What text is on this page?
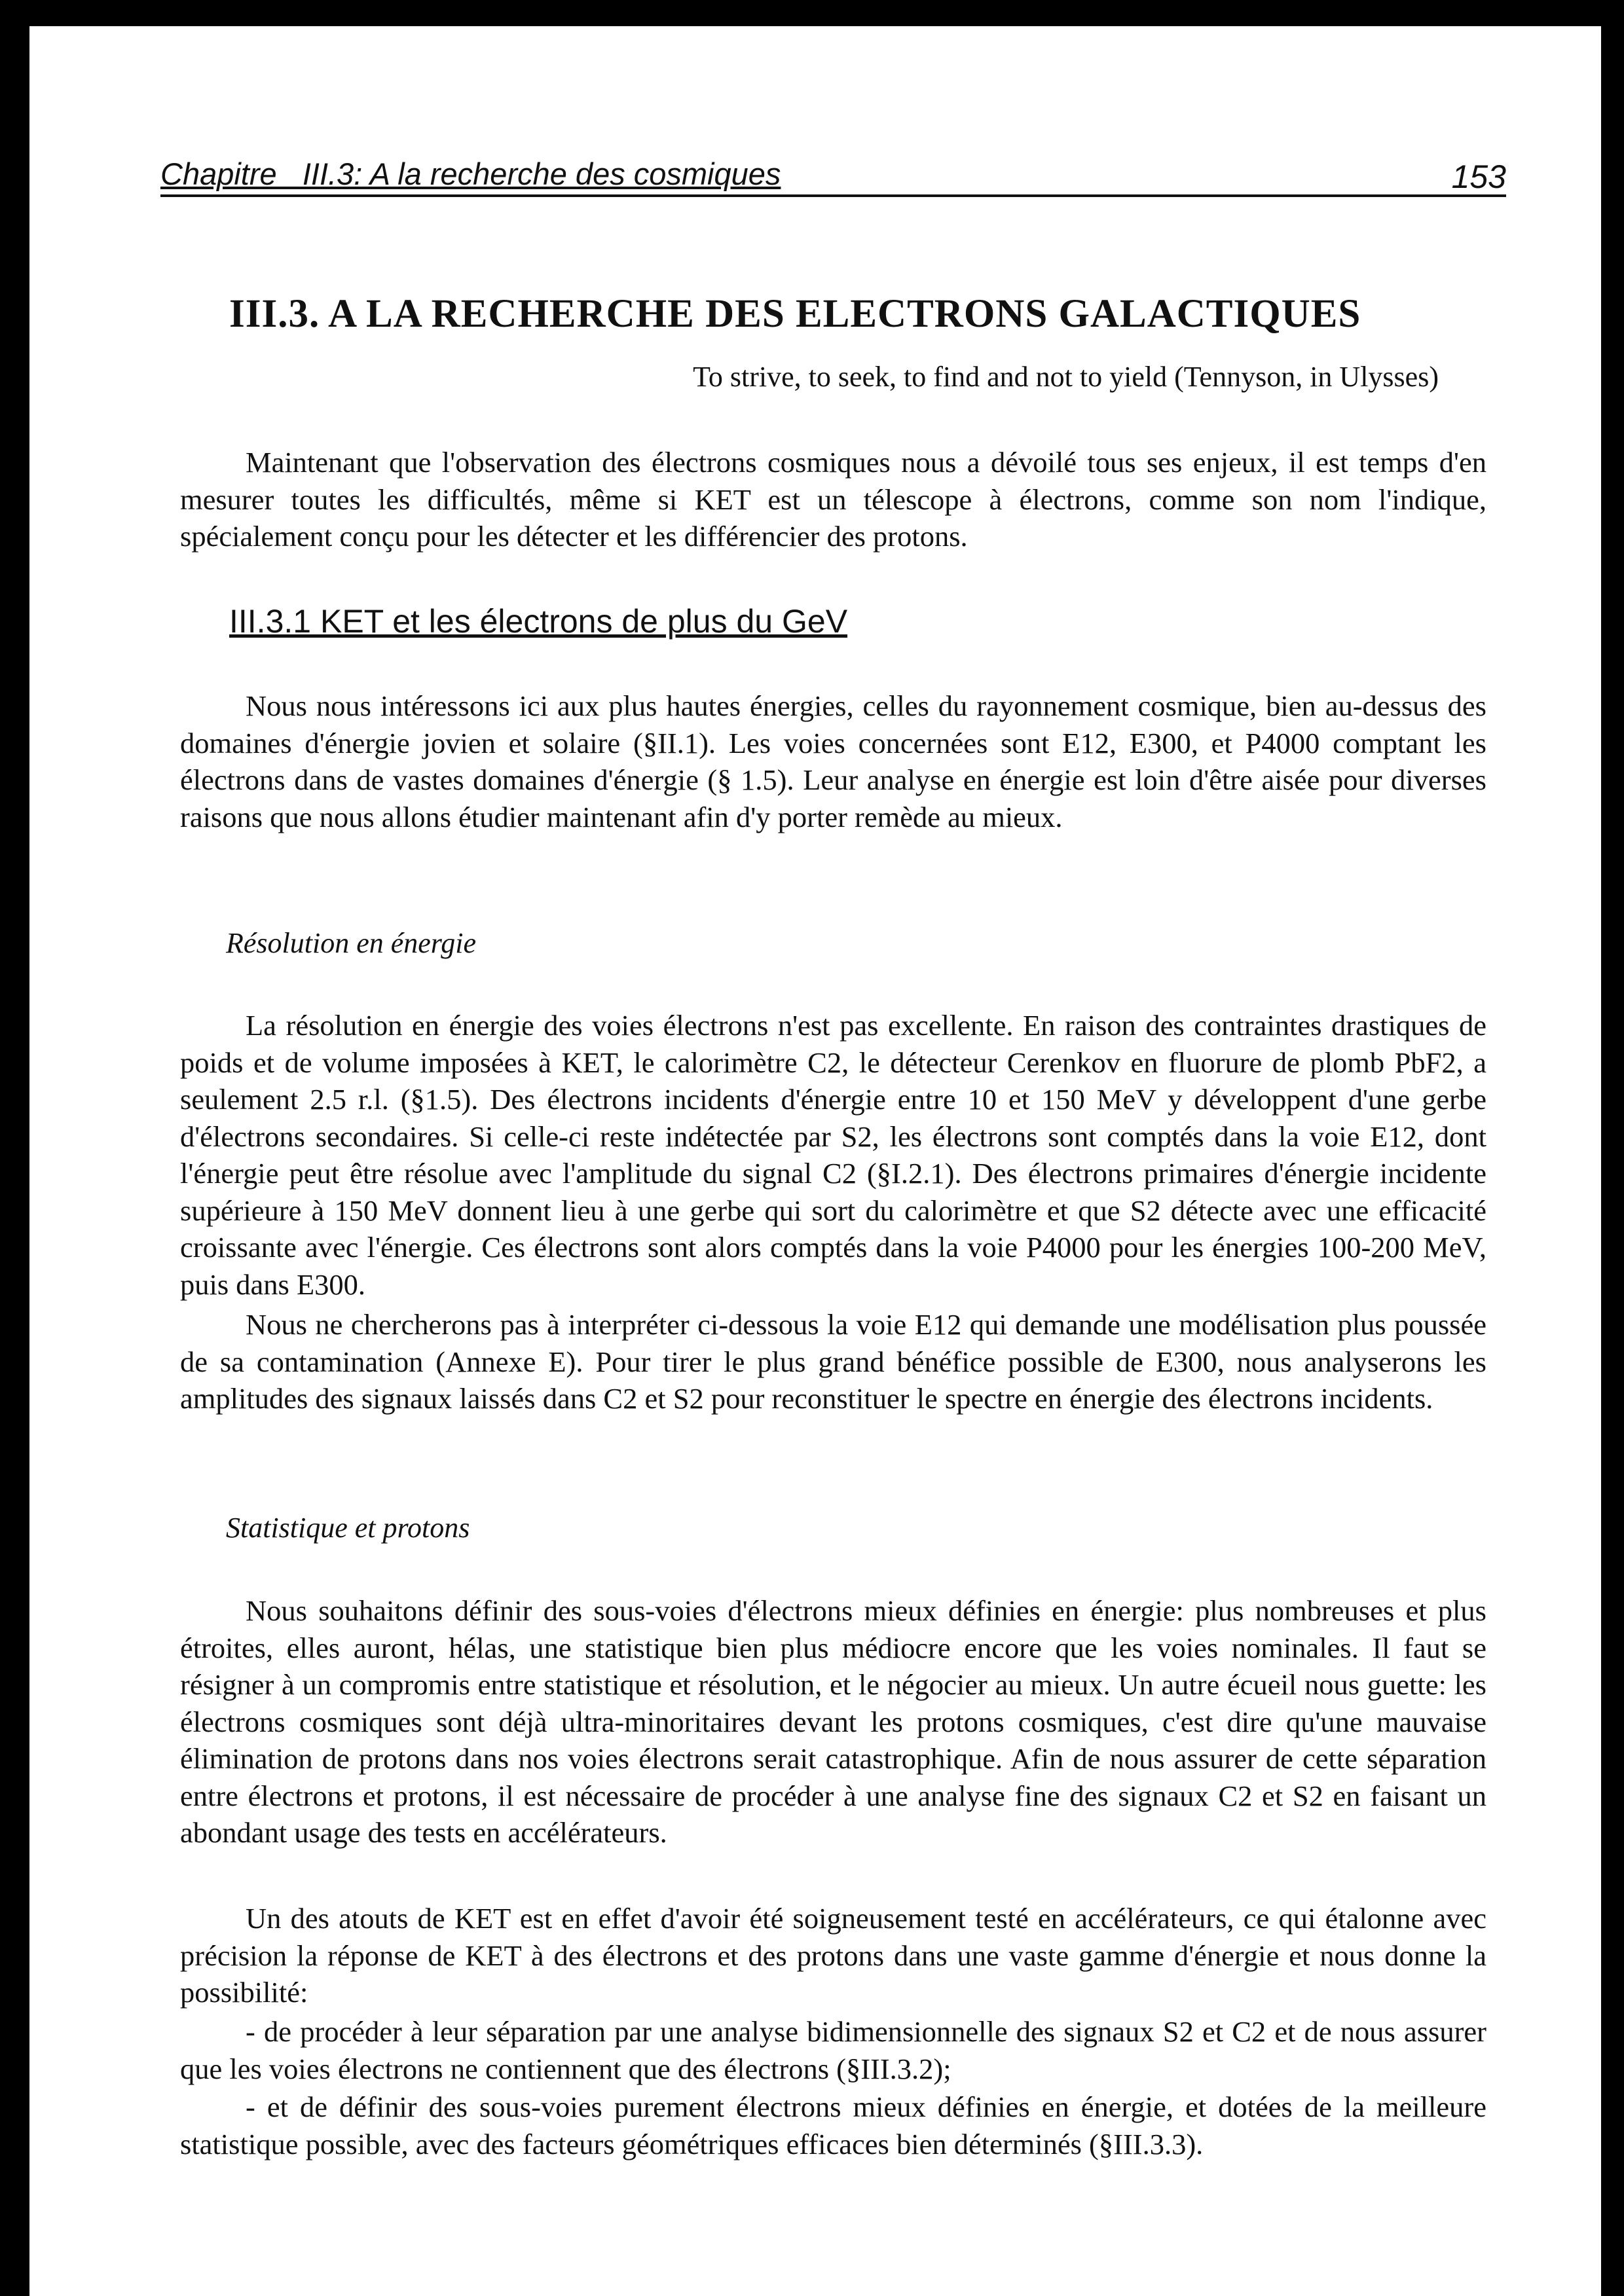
Chapitre   III.3: A la recherche des cosmiques	153
III.3. A LA RECHERCHE DES ELECTRONS GALACTIQUES
To strive, to seek, to find and not to yield (Tennyson, in Ulysses)

Maintenant que l'observation des électrons cosmiques nous a dévoilé tous ses enjeux, il est temps d'en mesurer toutes les difficultés, même si KET est un télescope à électrons, comme son nom l'indique, spécialement conçu pour les détecter et les différencier des protons.

III.3.1 KET et les électrons de plus du GeV

Nous nous intéressons ici aux plus hautes énergies, celles du rayonnement cosmique, bien au-dessus des domaines d'énergie jovien et solaire (§II.1). Les voies concernées sont E12, E300, et P4000 comptant les électrons dans de vastes domaines d'énergie (§ 1.5). Leur analyse en énergie est loin d'être aisée pour diverses raisons que nous allons étudier maintenant afin d'y porter remède au mieux.

Résolution en énergie

La résolution en énergie des voies électrons n'est pas excellente. En raison des contraintes drastiques de poids et de volume imposées à KET, le calorimètre C2, le détecteur Cerenkov en fluorure de plomb PbF2, a seulement 2.5 r.l. (§1.5). Des électrons incidents d'énergie entre 10 et 150 MeV y développent d'une gerbe d'électrons secondaires. Si celle-ci reste indétectée par S2, les électrons sont comptés dans la voie E12, dont l'énergie peut être résolue avec l'amplitude du signal C2 (§I.2.1). Des électrons primaires d'énergie incidente supérieure à 150 MeV donnent lieu à une gerbe qui sort du calorimètre et que S2 détecte avec une efficacité croissante avec l'énergie. Ces électrons sont alors comptés dans la voie P4000 pour les énergies 100-200 MeV, puis dans E300.

Nous ne chercherons pas à interpréter ci-dessous la voie E12 qui demande une modélisation plus poussée de sa contamination (Annexe E). Pour tirer le plus grand bénéfice possible de E300, nous analyserons les amplitudes des signaux laissés dans C2 et S2 pour reconstituer le spectre en énergie des électrons incidents.

Statistique et protons

Nous souhaitons définir des sous-voies d'électrons mieux définies en énergie: plus nombreuses et plus étroites, elles auront, hélas, une statistique bien plus médiocre encore que les voies nominales. Il faut se résigner à un compromis entre statistique et résolution, et le négocier au mieux. Un autre écueil nous guette: les électrons cosmiques sont déjà ultra-minoritaires devant les protons cosmiques, c'est dire qu'une mauvaise élimination de protons dans nos voies électrons serait catastrophique. Afin de nous assurer de cette séparation entre électrons et protons, il est nécessaire de procéder à une analyse fine des signaux C2 et S2 en faisant un abondant usage des tests en accélérateurs.

Un des atouts de KET est en effet d'avoir été soigneusement testé en accélérateurs, ce qui étalonne avec précision la réponse de KET à des électrons et des protons dans une vaste gamme d'énergie et nous donne la possibilité:

- de procéder à leur séparation par une analyse bidimensionnelle des signaux S2 et C2 et de nous assurer que les voies électrons ne contiennent que des électrons (§III.3.2);

- et de définir des sous-voies purement électrons mieux définies en énergie, et dotées de la meilleure statistique possible, avec des facteurs géométriques efficaces bien déterminés (§III.3.3).
